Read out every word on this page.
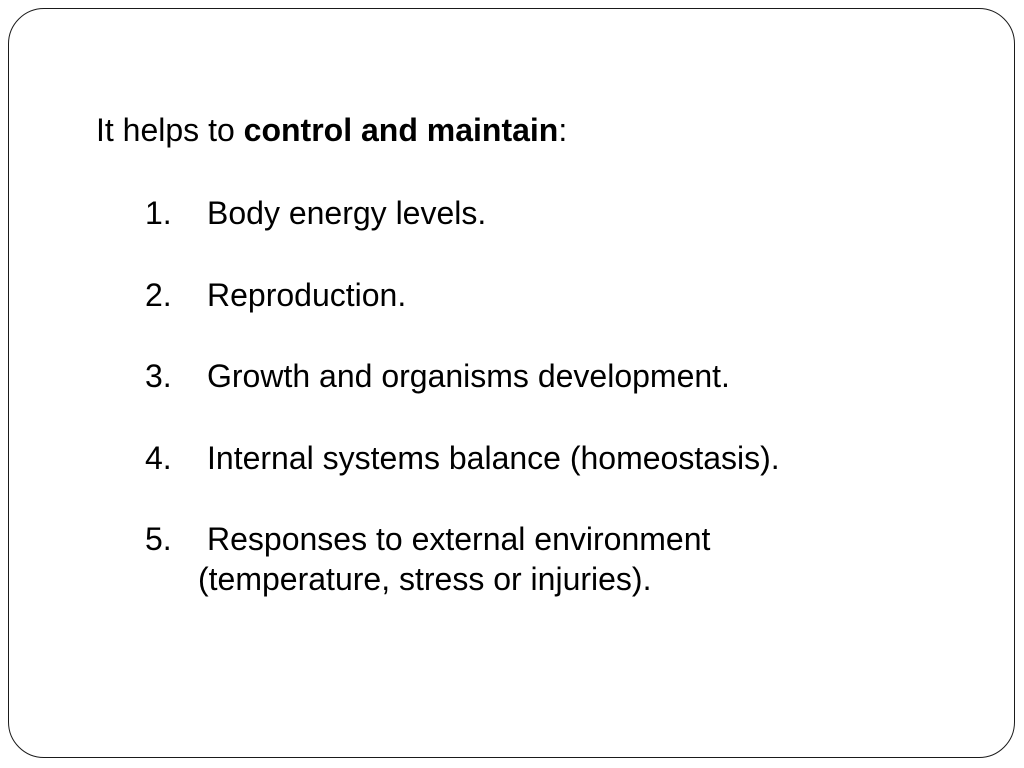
It helps to control and maintain:
1. Body energy levels.
2. Reproduction.
3. Growth and organisms development.
4. Internal systems balance (homeostasis).
5. Responses to external environment
(temperature, stress or injuries).
